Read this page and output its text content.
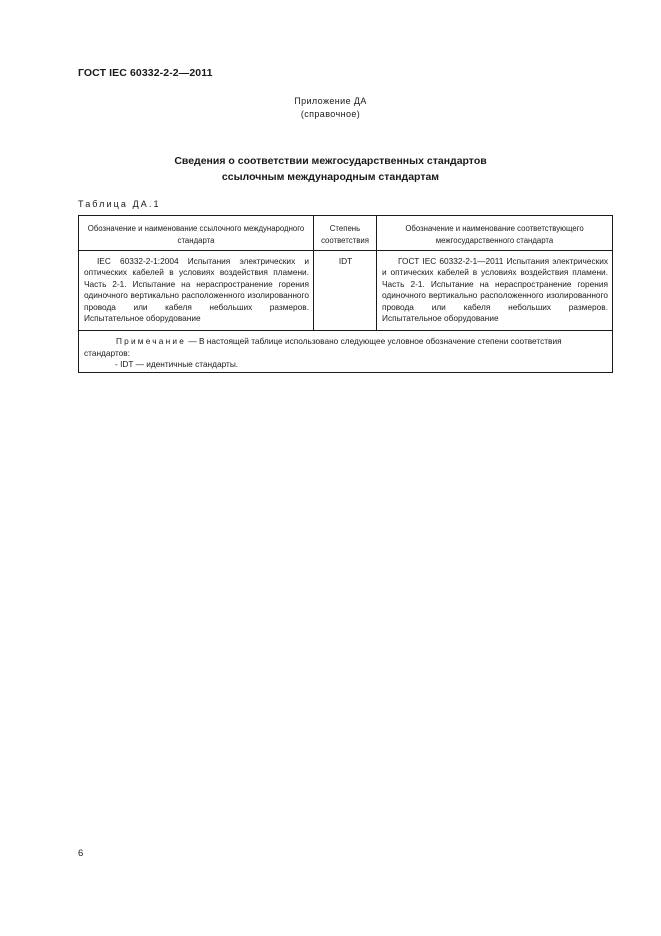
ГОСТ IEC 60332-2-2—2011
Приложение ДА
(справочное)
Сведения о соответствии межгосударственных стандартов
ссылочным международным стандартам
Таблица ДА.1
Обозначение и наименование ссылочного международного стандарта
Степень соответствия
Обозначение и наименование соответствующего межгосударственного стандарта
IEC 60332-2-1:2004 Испытания электрических и оптических кабелей в условиях воздействия пламени. Часть 2-1. Испытание на нераспространение горения одиночного вертикально расположенного изолированного провода или кабеля небольших размеров. Испытательное оборудование
IDT	ГОСТ IEC 60332-2-1—2011 Испытания электрических и оптических кабелей в условиях воздействия пламени. Часть 2-1. Испытание на нераспространение горения одиночного вертикально расположенного изолированного провода или кабеля небольших размеров. Испытательное оборудование
Примечание — В настоящей таблице использовано следующее условное обозначение степени соответствия стандартов:
- IDT — идентичные стандарты.
6
